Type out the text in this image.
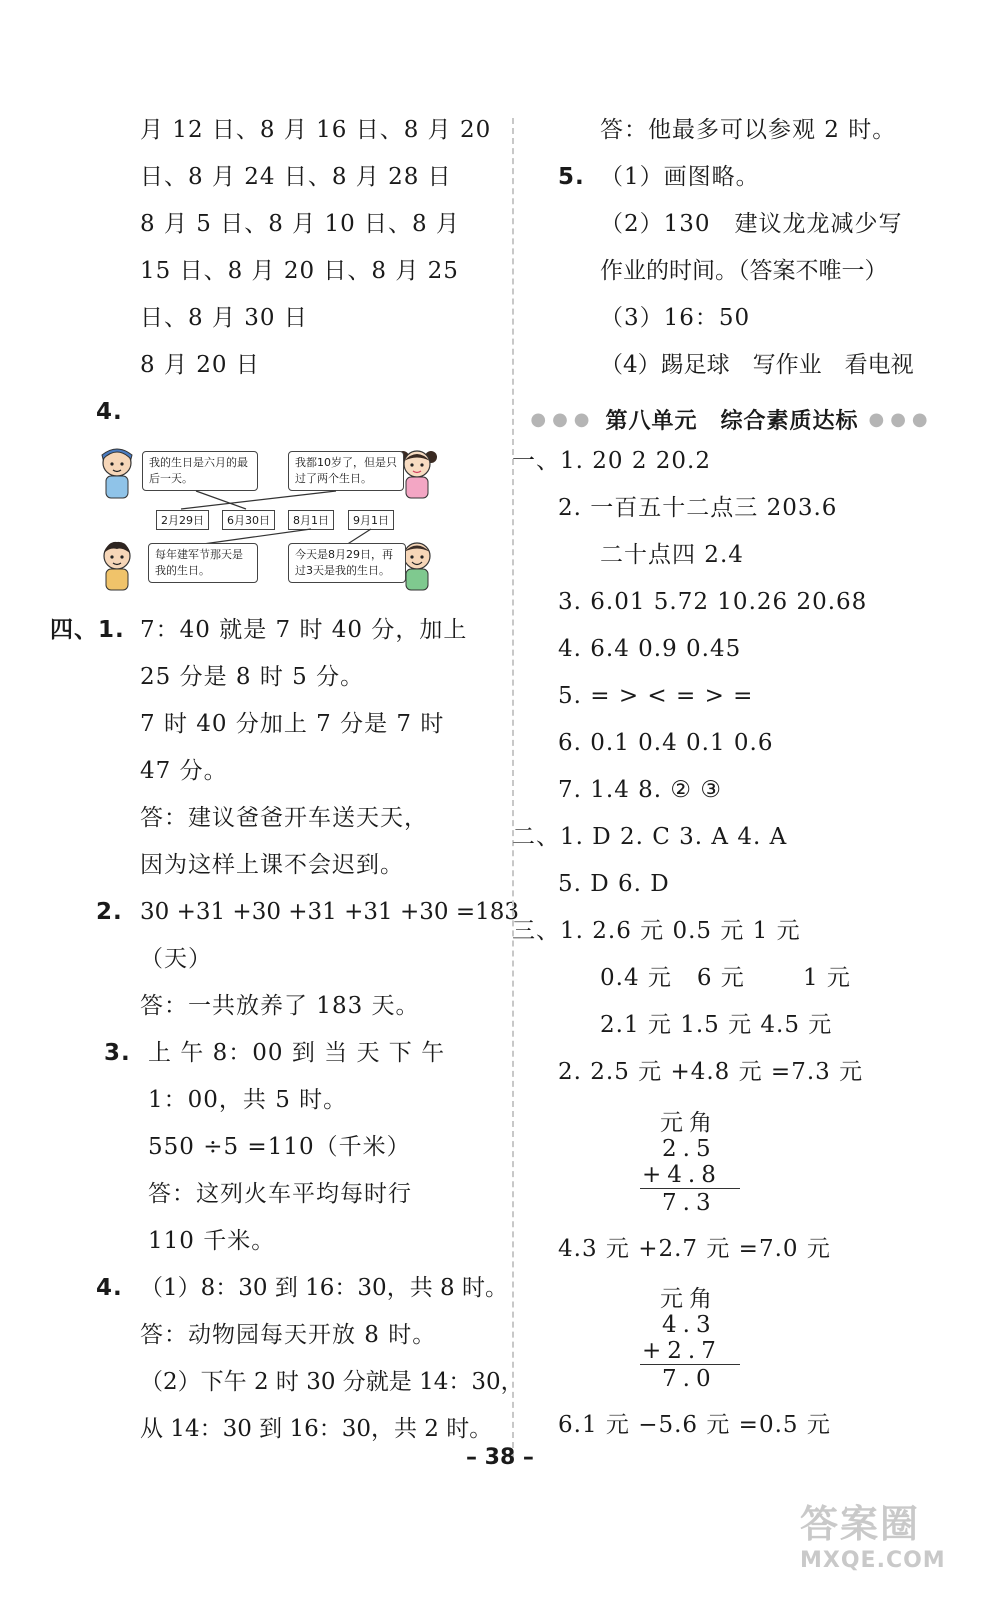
月 12 日、8 月 16 日、8 月 20
日、8 月 24 日、8 月 28 日
8 月 5 日、8 月 10 日、8 月
15 日、8 月 20 日、8 月 25
日、8 月 30 日
8 月 20 日
4.
我的生日是六月的最后一天。
我都10岁了，但是只过了两个生日。
2月29日	6月30日	8月1日	9月1日
每年建军节那天是我的生日。
今天是8月29日，再过3天是我的生日。
四、1. 7：40 就是 7 时 40 分，加上
25 分是 8 时 5 分。
7 时 40 分加上 7 分是 7 时
47 分。
答：建议爸爸开车送天天，
因为这样上课不会迟到。
2. 30 +31 +30 +31 +31 +30 =183
（天）
答：一共放养了 183 天。
3. 上 午 8：00 到 当 天 下 午
1：00，共 5 时。
550 ÷5 =110（千米）
答：这列火车平均每时行
110 千米。
4. （1）8：30 到 16：30，共 8 时。
答：动物园每天开放 8 时。
（2）下午 2 时 30 分就是 14：30，
从 14：30 到 16：30，共 2 时。
答：他最多可以参观 2 时。
5. （1）画图略。
（2）130　建议龙龙减少写
作业的时间。（答案不唯一）
（3）16：50
（4）踢足球　写作业　看电视
●●● 第八单元　综合素质达标 ●●●
一、1. 20 2 20.2
2. 一百五十二点三 203.6
二十点四 2.4
3. 6.01 5.72 10.26 20.68
4. 6.4 0.9 0.45
5. = > < = > =
6. 0.1 0.4 0.1 0.6
7. 1.4 8. ② ③
二、1. D 2. C 3. A 4. A
5. D 6. D
三、1. 2.6 元 0.5 元 1 元
0.4 元   6 元       1 元
2.1 元 1.5 元 4.5 元
2. 2.5 元 +4.8 元 =7.3 元
元角
2.5
+4.8
7.3
4.3 元 +2.7 元 =7.0 元
元角
4.3
+2.7
7.0
6.1 元 −5.6 元 =0.5 元
– 38 –
答案圈
MXQE.COM
